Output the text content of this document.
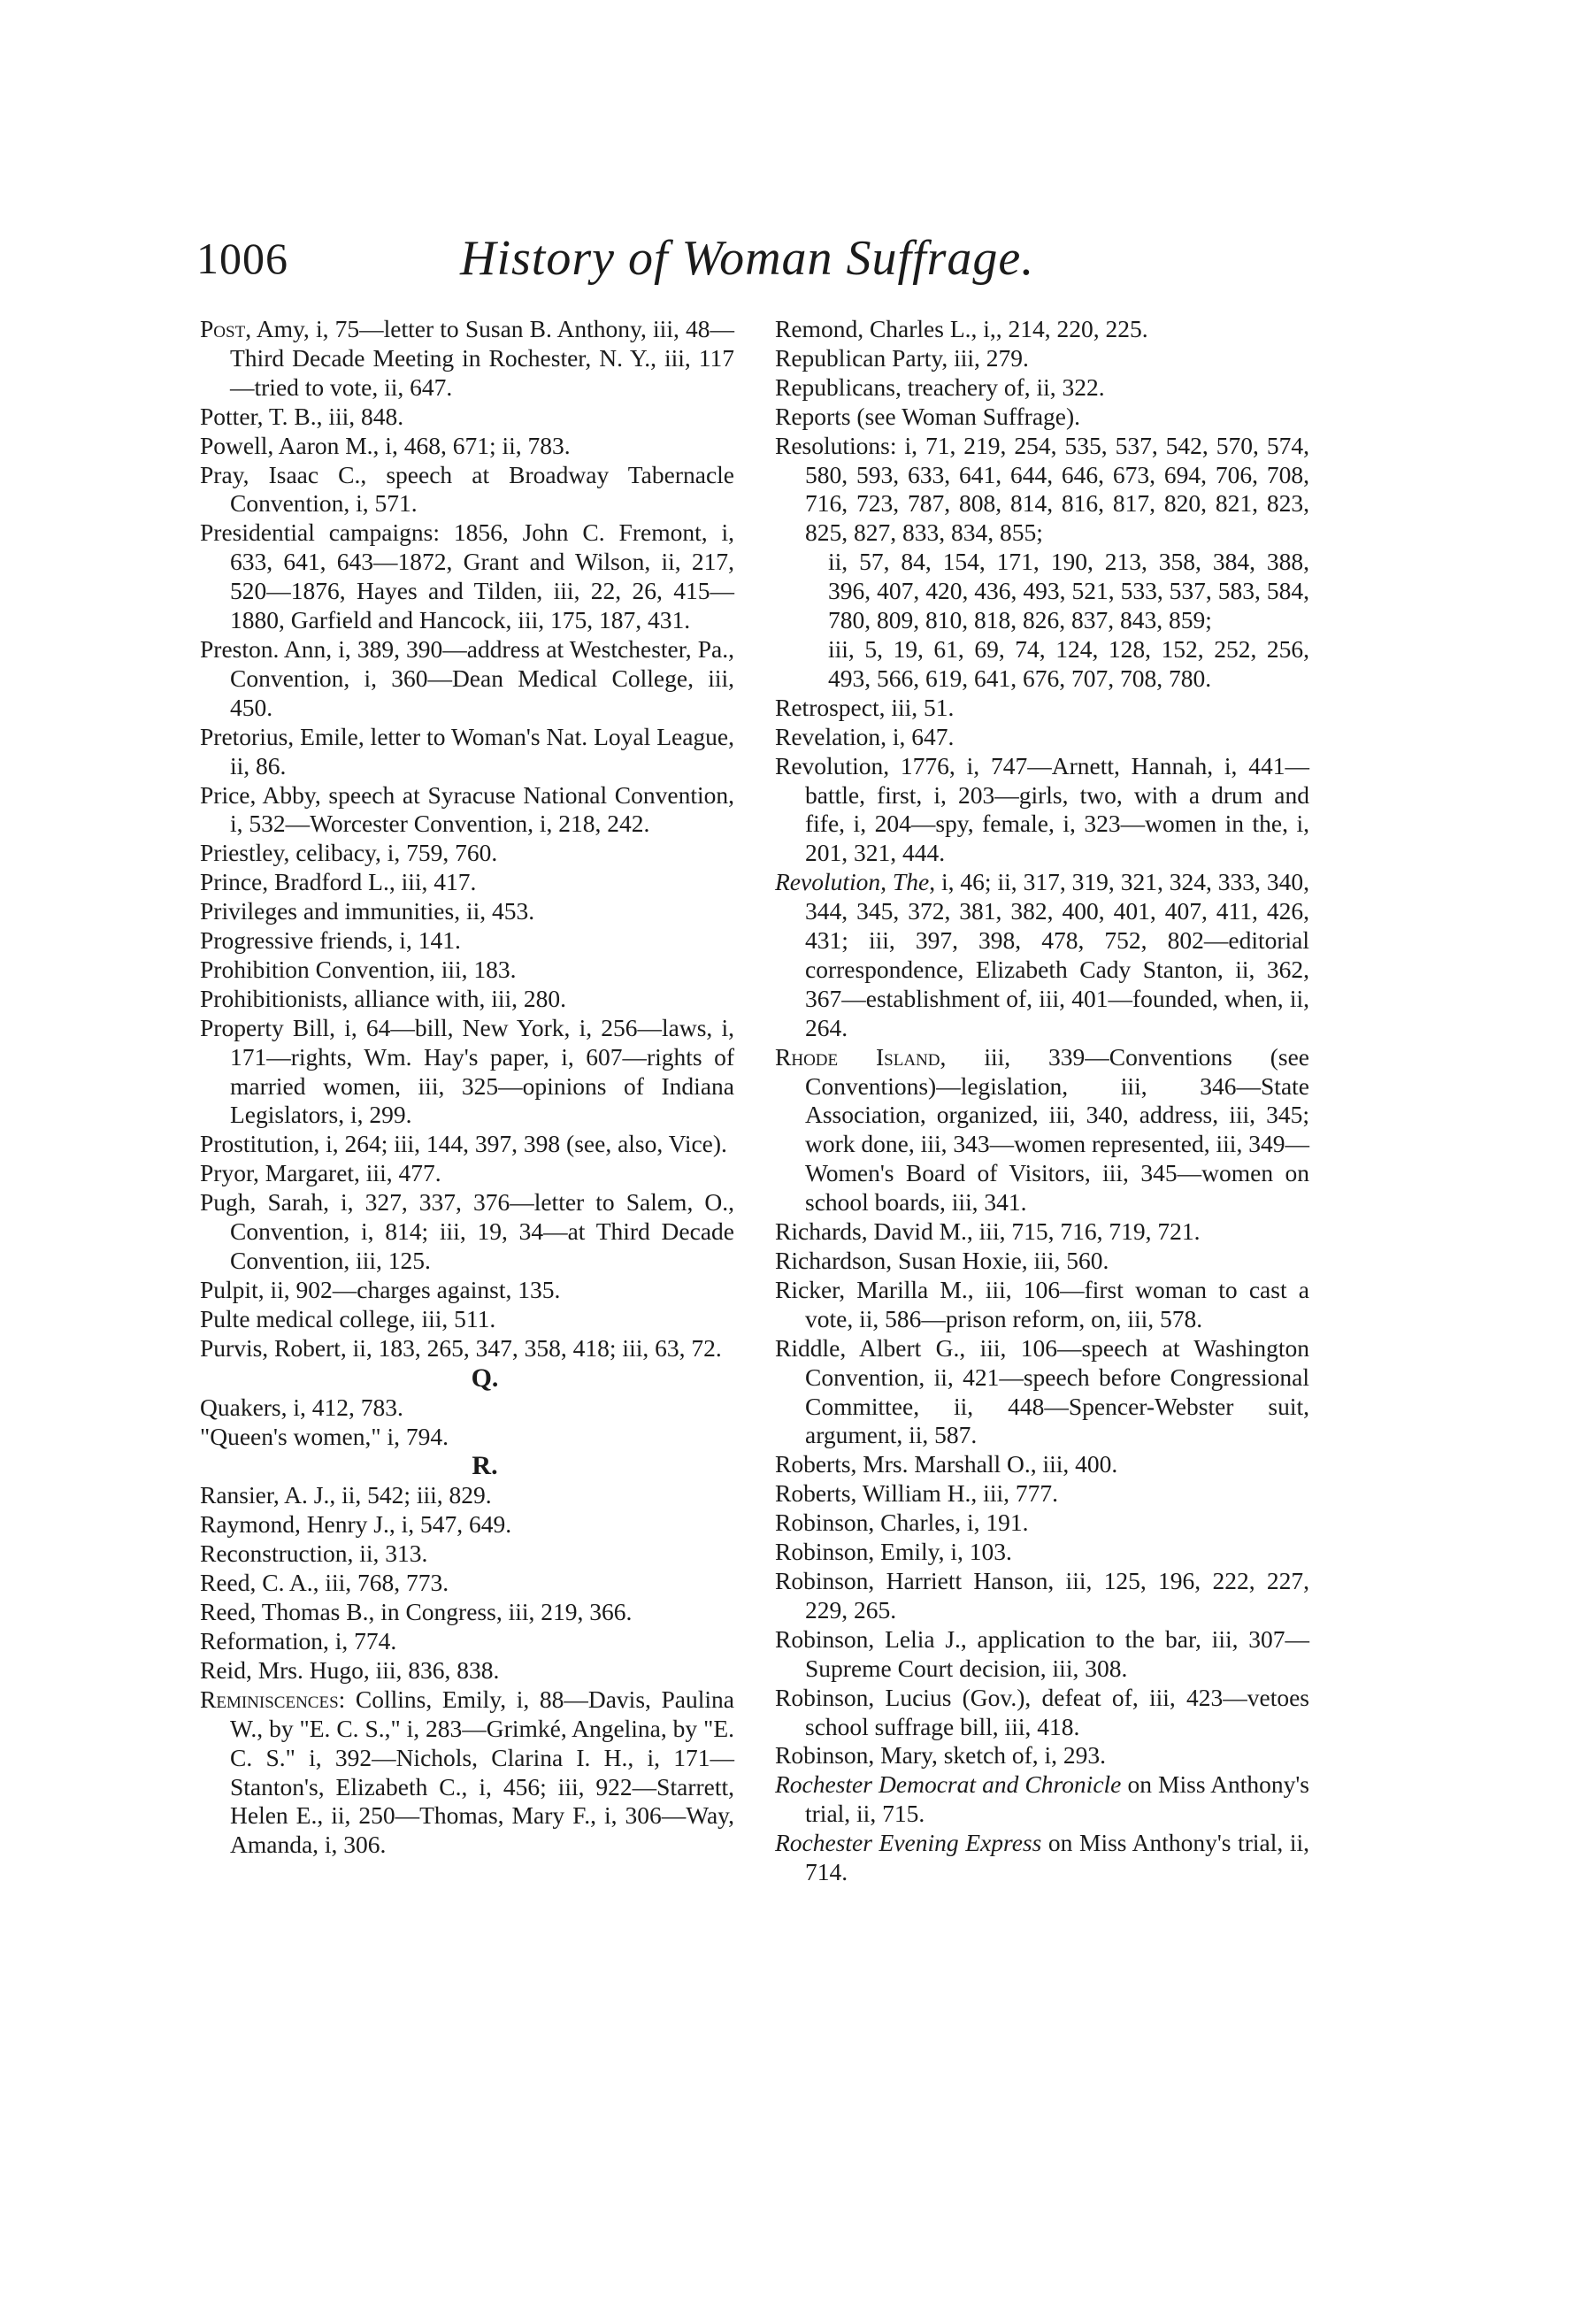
1006	History of Woman Suffrage.

Post, Amy, i, 75—letter to Susan B. Anthony, iii, 48—Third Decade Meeting in Rochester, N. Y., iii, 117—tried to vote, ii, 647.

Potter, T. B., iii, 848.

Powell, Aaron M., i, 468, 671; ii, 783.

Pray, Isaac C., speech at Broadway Tabernacle Convention, i, 571.

Presidential campaigns: 1856, John C. Fremont, i, 633, 641, 643—1872, Grant and Wilson, ii, 217, 520—1876, Hayes and Tilden, iii, 22, 26, 415—1880, Garfield and Hancock, iii, 175, 187, 431.

Preston. Ann, i, 389, 390—address at Westchester, Pa., Convention, i, 360—Dean Medical College, iii, 450.

Pretorius, Emile, letter to Woman's Nat. Loyal League, ii, 86.

Price, Abby, speech at Syracuse National Convention, i, 532—Worcester Convention, i, 218, 242.

Priestley, celibacy, i, 759, 760.

Prince, Bradford L., iii, 417.

Privileges and immunities, ii, 453.

Progressive friends, i, 141.

Prohibition Convention, iii, 183.

Prohibitionists, alliance with, iii, 280.

Property Bill, i, 64—bill, New York, i, 256—laws, i, 171—rights, Wm. Hay's paper, i, 607—rights of married women, iii, 325—opinions of Indiana Legislators, i, 299.

Prostitution, i, 264; iii, 144, 397, 398 (see, also, Vice).

Pryor, Margaret, iii, 477.

Pugh, Sarah, i, 327, 337, 376—letter to Salem, O., Convention, i, 814; iii, 19, 34—at Third Decade Convention, iii, 125.

Pulpit, ii, 902—charges against, 135.

Pulte medical college, iii, 511.

Purvis, Robert, ii, 183, 265, 347, 358, 418; iii, 63, 72.

Q.

Quakers, i, 412, 783.

"Queen's women," i, 794.

R.

Ransier, A. J., ii, 542; iii, 829.

Raymond, Henry J., i, 547, 649.

Reconstruction, ii, 313.

Reed, C. A., iii, 768, 773.

Reed, Thomas B., in Congress, iii, 219, 366.

Reformation, i, 774.

Reid, Mrs. Hugo, iii, 836, 838.

Reminiscences: Collins, Emily, i, 88—Davis, Paulina W., by "E. C. S.," i, 283—Grimké, Angelina, by "E. C. S." i, 392—Nichols, Clarina I. H., i, 171—Stanton's, Elizabeth C., i, 456; iii, 922—Starrett, Helen E., ii, 250—Thomas, Mary F., i, 306—Way, Amanda, i, 306.

Remond, Charles L., i,, 214, 220, 225.

Republican Party, iii, 279.

Republicans, treachery of, ii, 322.

Reports (see Woman Suffrage).

Resolutions: i, 71, 219, 254, 535, 537, 542, 570, 574, 580, 593, 633, 641, 644, 646, 673, 694, 706, 708, 716, 723, 787, 808, 814, 816, 817, 820, 821, 823, 825, 827, 833, 834, 855;

ii, 57, 84, 154, 171, 190, 213, 358, 384, 388, 396, 407, 420, 436, 493, 521, 533, 537, 583, 584, 780, 809, 810, 818, 826, 837, 843, 859;

iii, 5, 19, 61, 69, 74, 124, 128, 152, 252, 256, 493, 566, 619, 641, 676, 707, 708, 780.

Retrospect, iii, 51.

Revelation, i, 647.

Revolution, 1776, i, 747—Arnett, Hannah, i, 441—battle, first, i, 203—girls, two, with a drum and fife, i, 204—spy, female, i, 323—women in the, i, 201, 321, 444.

Revolution, The, i, 46; ii, 317, 319, 321, 324, 333, 340, 344, 345, 372, 381, 382, 400, 401, 407, 411, 426, 431; iii, 397, 398, 478, 752, 802—editorial correspondence, Elizabeth Cady Stanton, ii, 362, 367—establishment of, iii, 401—founded, when, ii, 264.

Rhode Island, iii, 339—Conventions (see Conventions)—legislation, iii, 346—State Association, organized, iii, 340, address, iii, 345; work done, iii, 343—women represented, iii, 349—Women's Board of Visitors, iii, 345—women on school boards, iii, 341.

Richards, David M., iii, 715, 716, 719, 721.

Richardson, Susan Hoxie, iii, 560.

Ricker, Marilla M., iii, 106—first woman to cast a vote, ii, 586—prison reform, on, iii, 578.

Riddle, Albert G., iii, 106—speech at Washington Convention, ii, 421—speech before Congressional Committee, ii, 448—Spencer-Webster suit, argument, ii, 587.

Roberts, Mrs. Marshall O., iii, 400.

Roberts, William H., iii, 777.

Robinson, Charles, i, 191.

Robinson, Emily, i, 103.

Robinson, Harriett Hanson, iii, 125, 196, 222, 227, 229, 265.

Robinson, Lelia J., application to the bar, iii, 307—Supreme Court decision, iii, 308.

Robinson, Lucius (Gov.), defeat of, iii, 423—vetoes school suffrage bill, iii, 418.

Robinson, Mary, sketch of, i, 293.

Rochester Democrat and Chronicle on Miss Anthony's trial, ii, 715.

Rochester Evening Express on Miss Anthony's trial, ii, 714.
